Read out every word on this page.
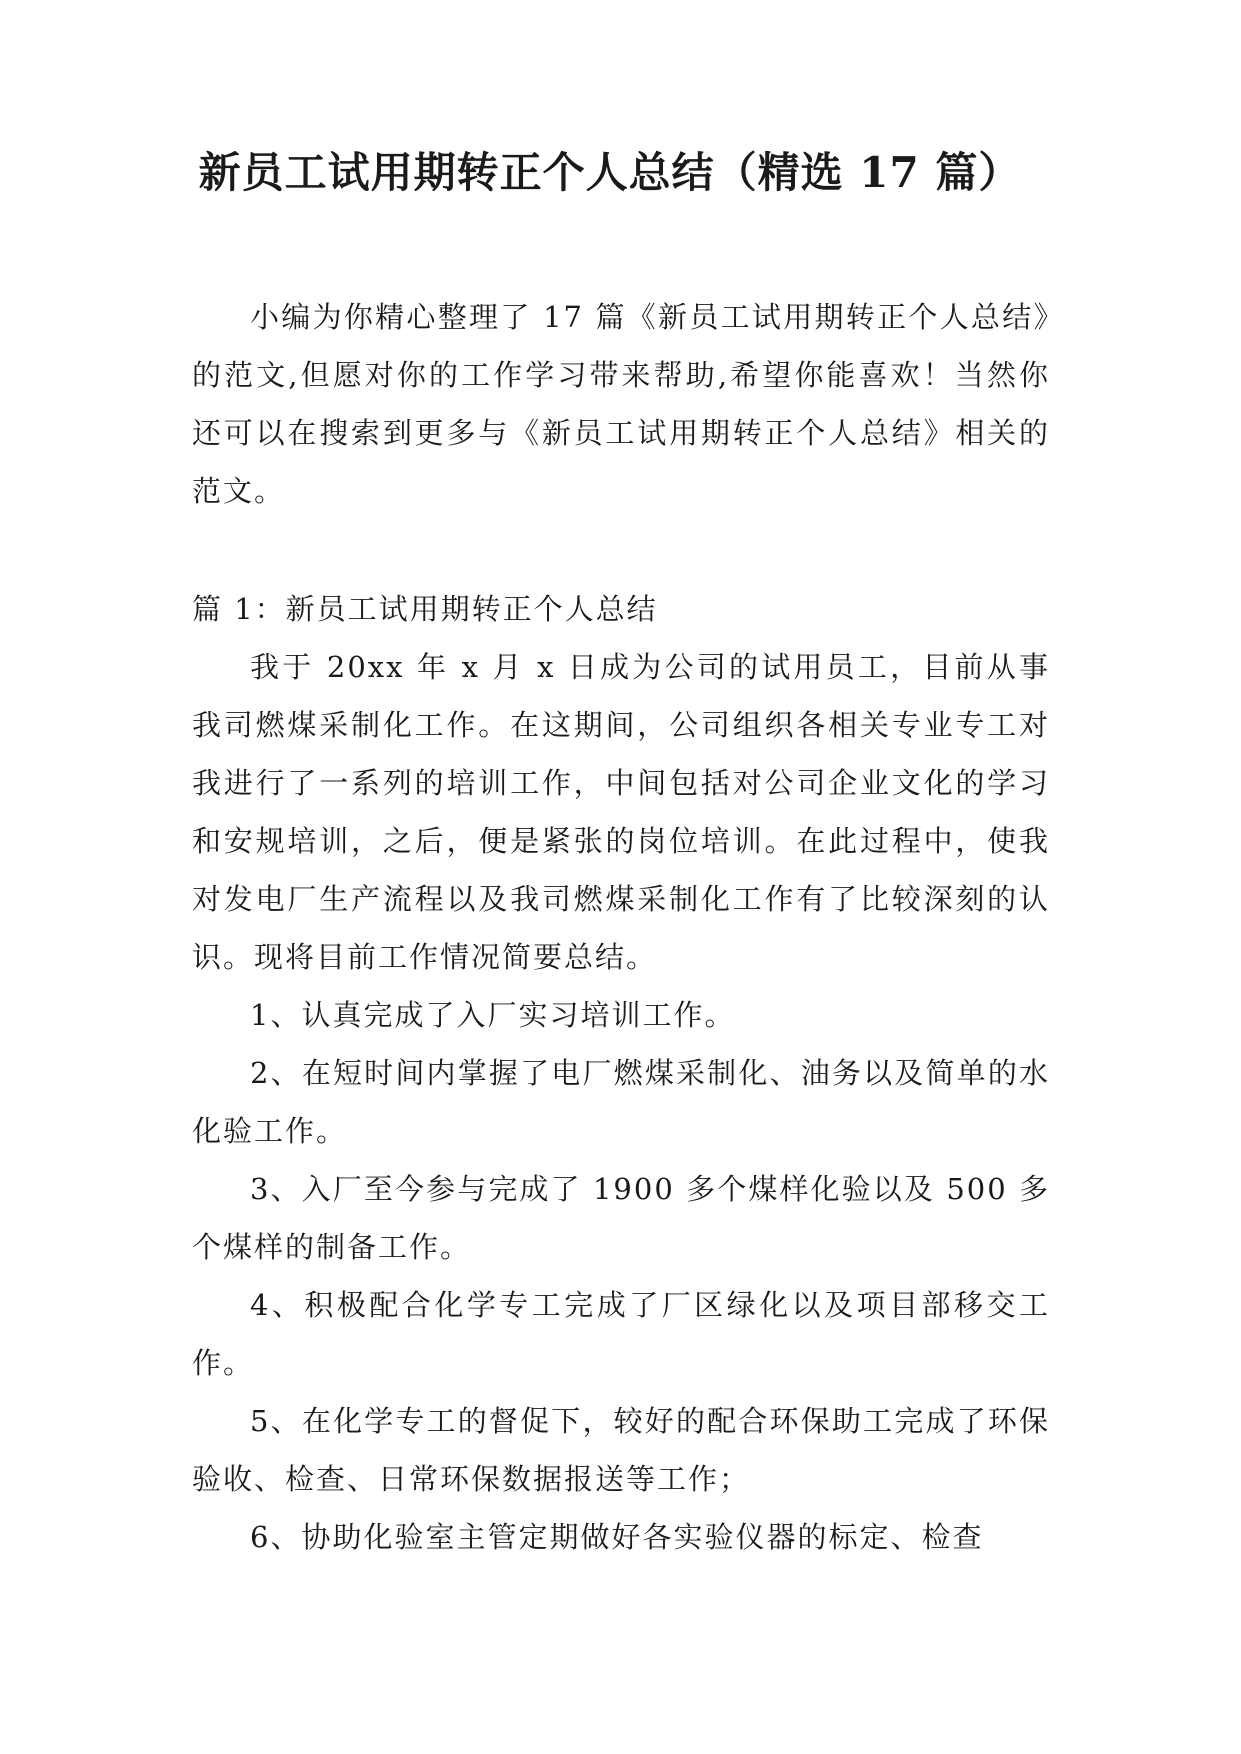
新员工试用期转正个人总结（精选 17 篇）

小编为你精心整理了 17 篇《新员工试用期转正个人总结》的范文,但愿对你的工作学习带来帮助,希望你能喜欢！当然你还可以在搜索到更多与《新员工试用期转正个人总结》相关的范文。

篇 1：新员工试用期转正个人总结

我于 20xx 年 x 月 x 日成为公司的试用员工，目前从事我司燃煤采制化工作。在这期间，公司组织各相关专业专工对我进行了一系列的培训工作，中间包括对公司企业文化的学习和安规培训，之后，便是紧张的岗位培训。在此过程中，使我对发电厂生产流程以及我司燃煤采制化工作有了比较深刻的认识。现将目前工作情况简要总结。

1、认真完成了入厂实习培训工作。

2、在短时间内掌握了电厂燃煤采制化、油务以及简单的水化验工作。

3、入厂至今参与完成了 1900 多个煤样化验以及 500 多个煤样的制备工作。

4、积极配合化学专工完成了厂区绿化以及项目部移交工作。

5、在化学专工的督促下，较好的配合环保助工完成了环保验收、检查、日常环保数据报送等工作；

6、协助化验室主管定期做好各实验仪器的标定、检查
